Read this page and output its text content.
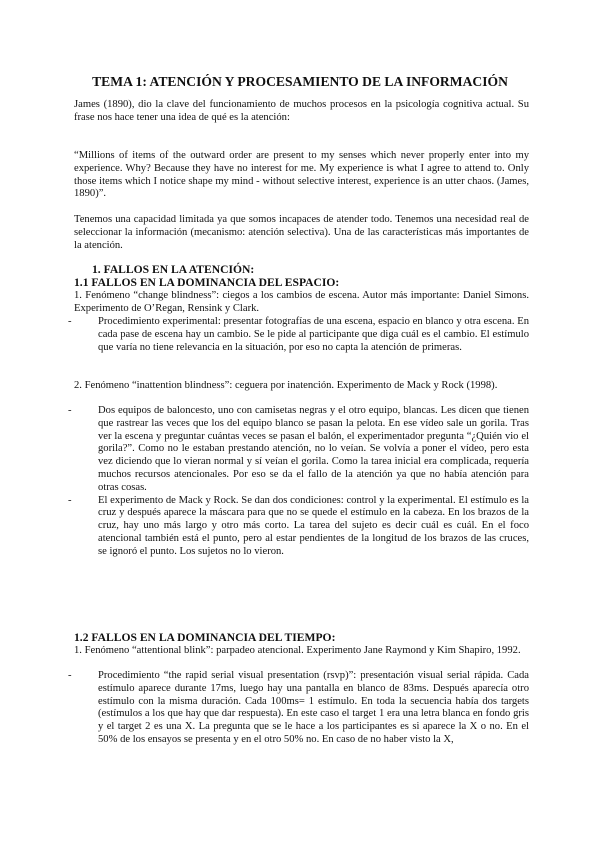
TEMA 1: ATENCIÓN Y PROCESAMIENTO DE LA INFORMACIÓN
James (1890), dio la clave del funcionamiento de muchos procesos en la psicología cognitiva actual. Su frase nos hace tener una idea de qué es la atención:
“Millions of items of the outward order are present to my senses which never properly enter into my experience. Why? Because they have no interest for me. My experience is what I agree to attend to. Only those items which I notice shape my mind - without selective interest, experience is an utter chaos. (James, 1890)”.
Tenemos una capacidad limitada ya que somos incapaces de atender todo. Tenemos una necesidad real de seleccionar la información (mecanismo: atención selectiva). Una de las características más importantes de la atención.
1. FALLOS EN LA ATENCIÓN:
1.1 FALLOS EN LA DOMINANCIA DEL ESPACIO:
1. Fenómeno “change blindness”: ciegos a los cambios de escena. Autor más importante: Daniel Simons. Experimento de O’Regan, Rensink y Clark.
- Procedimiento experimental: presentar fotografías de una escena, espacio en blanco y otra escena. En cada pase de escena hay un cambio. Se le pide al participante que diga cuál es el cambio. El estímulo que varía no tiene relevancia en la situación, por eso no capta la atención de primeras.
2. Fenómeno “inattention blindness”: ceguera por inatención. Experimento de Mack y Rock (1998).
- Dos equipos de baloncesto, uno con camisetas negras y el otro equipo, blancas. Les dicen que tienen que rastrear las veces que los del equipo blanco se pasan la pelota. En ese vídeo sale un gorila. Tras ver la escena y preguntar cuántas veces se pasan el balón, el experimentador pregunta “¿Quién vio el gorila?”. Como no le estaban prestando atención, no lo veían. Se volvía a poner el vídeo, pero esta vez diciendo que lo vieran normal y sí veían el gorila. Como la tarea inicial era complicada, requería muchos recursos atencionales. Por eso se da el fallo de la atención ya que no había atención para otras cosas.
- El experimento de Mack y Rock. Se dan dos condiciones: control y la experimental. El estímulo es la cruz y después aparece la máscara para que no se quede el estímulo en la cabeza. En los brazos de la cruz, hay uno más largo y otro más corto. La tarea del sujeto es decir cuál es cuál. En el foco atencional también está el punto, pero al estar pendientes de la longitud de los brazos de las cruces, se ignoró el punto. Los sujetos no lo vieron.
1.2 FALLOS EN LA DOMINANCIA DEL TIEMPO:
1. Fenómeno “attentional blink”: parpadeo atencional. Experimento Jane Raymond y Kim Shapiro, 1992.
- Procedimiento “the rapid serial visual presentation (rsvp)”: presentación visual serial rápida. Cada estímulo aparece durante 17ms, luego hay una pantalla en blanco de 83ms. Después aparecía otro estímulo con la misma duración. Cada 100ms= 1 estímulo. En toda la secuencia había dos targets (estímulos a los que hay que dar respuesta). En este caso el target 1 era una letra blanca en fondo gris y el target 2 es una X. La pregunta que se le hace a los participantes es si aparece la X o no. En el 50% de los ensayos se presenta y en el otro 50% no. En caso de no haber visto la X,
